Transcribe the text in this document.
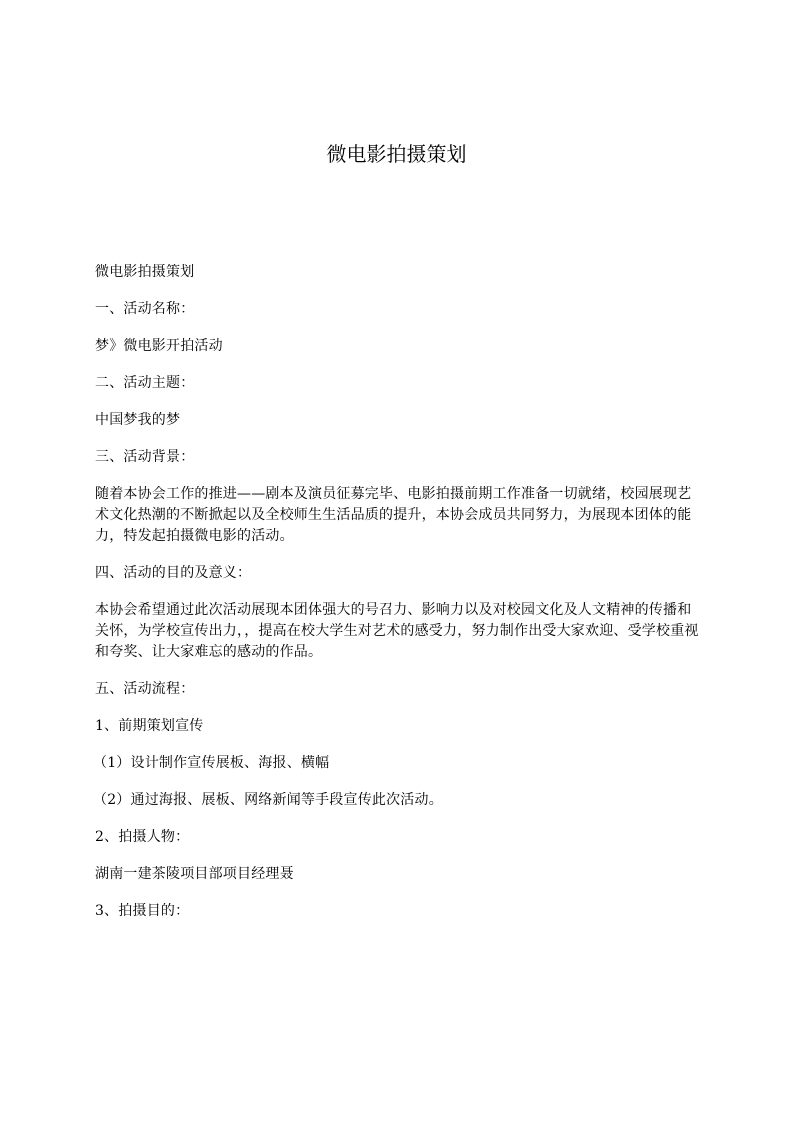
微电影拍摄策划

微电影拍摄策划

一、活动名称：

梦》微电影开拍活动

二、活动主题：

中国梦我的梦

三、活动背景：

随着本协会工作的推进——剧本及演员征募完毕、电影拍摄前期工作准备一切就绪，校园展现艺术文化热潮的不断掀起以及全校师生生活品质的提升，本协会成员共同努力，为展现本团体的能力，特发起拍摄微电影的活动。

四、活动的目的及意义：

本协会希望通过此次活动展现本团体强大的号召力、影响力以及对校园文化及人文精神的传播和关怀，为学校宣传出力，，提高在校大学生对艺术的感受力，努力制作出受大家欢迎、受学校重视和夸奖、让大家难忘的感动的作品。

五、活动流程：

1、前期策划宣传

（1）设计制作宣传展板、海报、横幅

（2）通过海报、展板、网络新闻等手段宣传此次活动。

2、拍摄人物：

湖南一建茶陵项目部项目经理聂

3、拍摄目的：
